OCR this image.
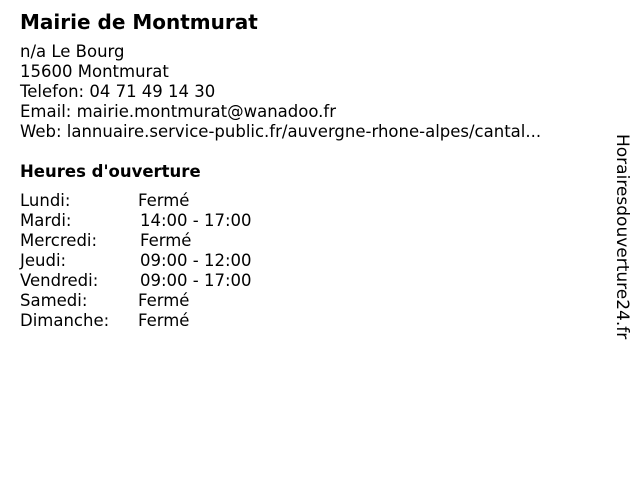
Mairie de Montmurat
n/a Le Bourg
15600 Montmurat
Telefon: 04 71 49 14 30
Email: mairie.montmurat@wanadoo.fr
Web: lannuaire.service-public.fr/auvergne-rhone-alpes/cantal...
Heures d'ouverture
Lundi:	Fermé
Mardi:	14:00 - 17:00
Mercredi:	Fermé
Jeudi:	09:00 - 12:00
Vendredi:	09:00 - 17:00
Samedi:	Fermé
Dimanche: Fermé	Horairesdouverture24.fr
